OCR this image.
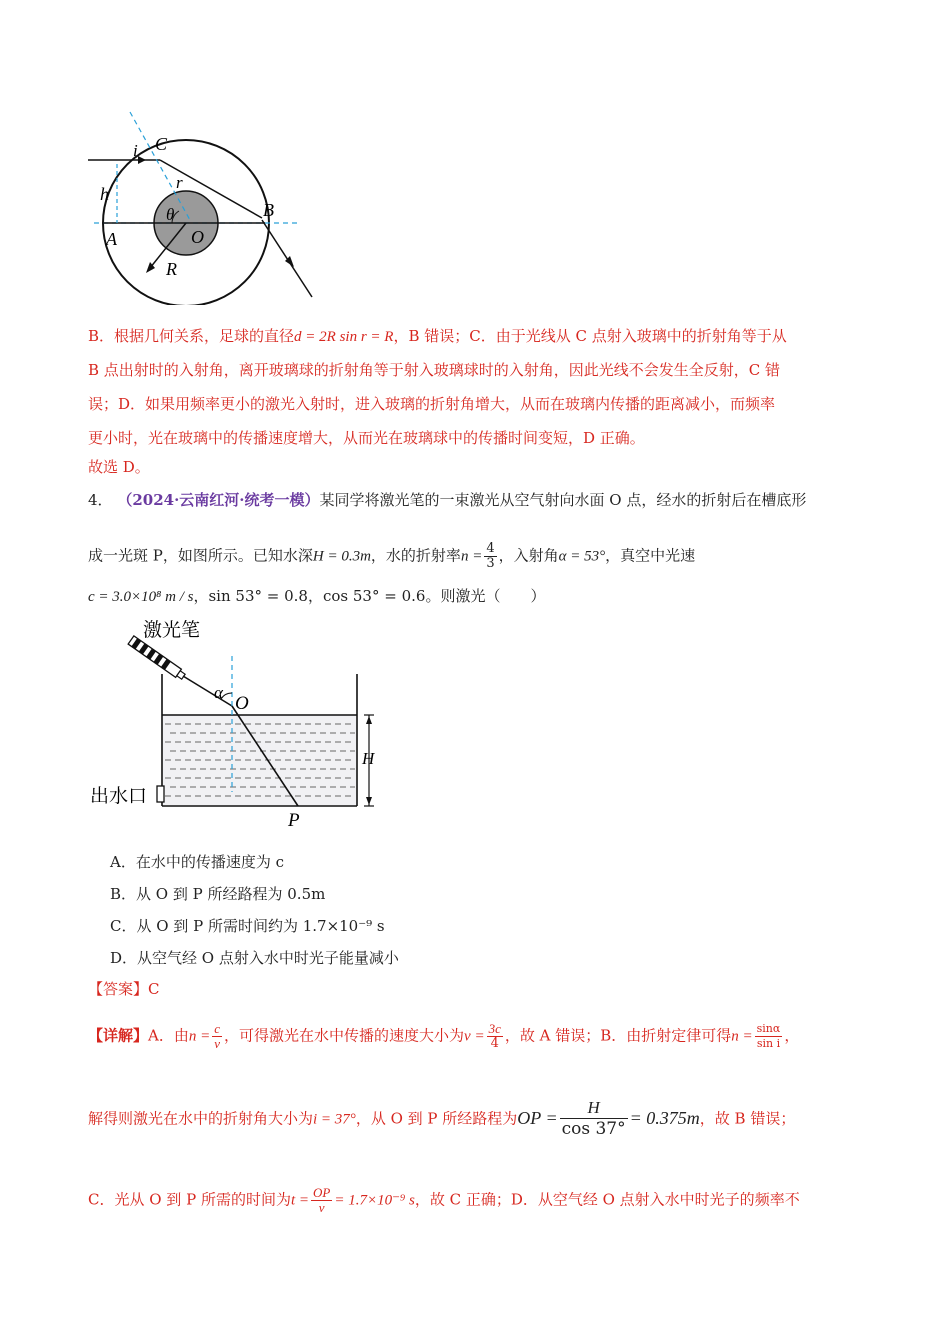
i C
h
r
θ	B
A	O
R
B．根据几何关系，足球的直径d = 2R sin r = R，B 错误；C．由于光线从 C 点射入玻璃中的折射角等于从
B 点出射时的入射角，离开玻璃球的折射角等于射入玻璃球时的入射角，因此光线不会发生全反射，C 错
误；D．如果用频率更小的激光入射时，进入玻璃的折射角增大，从而在玻璃内传播的距离减小，而频率
更小时，光在玻璃中的传播速度增大，从而光在玻璃球中的传播时间变短，D 正确。
故选 D。
4． （2024·云南红河·统考一模）某同学将激光笔的一束激光从空气射向水面 O 点，经水的折射后在槽底形
成一光斑 P，如图所示。已知水深H = 0.3m，水的折射率$n = \frac{4}{3}$ ，入射角α = 53°，真空中光速
c = 3.0×10⁸ m / s，sin 53° = 0.8，cos 53° = 0.6。则激光（　　）
激光笔
α
O
H
出水口
P
A．在水中的传播速度为 c
B．从 O 到 P 所经路程为 0.5m
C．从 O 到 P 所需时间约为 1.7×10⁻⁹ s
D．从空气经 O 点射入水中时光子能量减小
【答案】C
【详解】A．由$n = \frac{c}{v}$ ，可得激光在水中传播的速度大小为$v = \frac{3c}{4}$ ，故 A 错误；B．由折射定律可得$n = \frac{\sin\alpha}{\text{sin i}}$ ，
解得则激光在水中的折射角大小为i = 37°，从 O 到 P 所经路程为OP = $\frac{H}{\cos 37^\circ} = 0.375m$，故 B 错误；
C．光从 O 到 P 所需的时间为$t = \frac{OP}{v} = 1.7\times 10^{-9}$ s，故 C 正确；D．从空气经 O 点射入水中时光子的频率不
